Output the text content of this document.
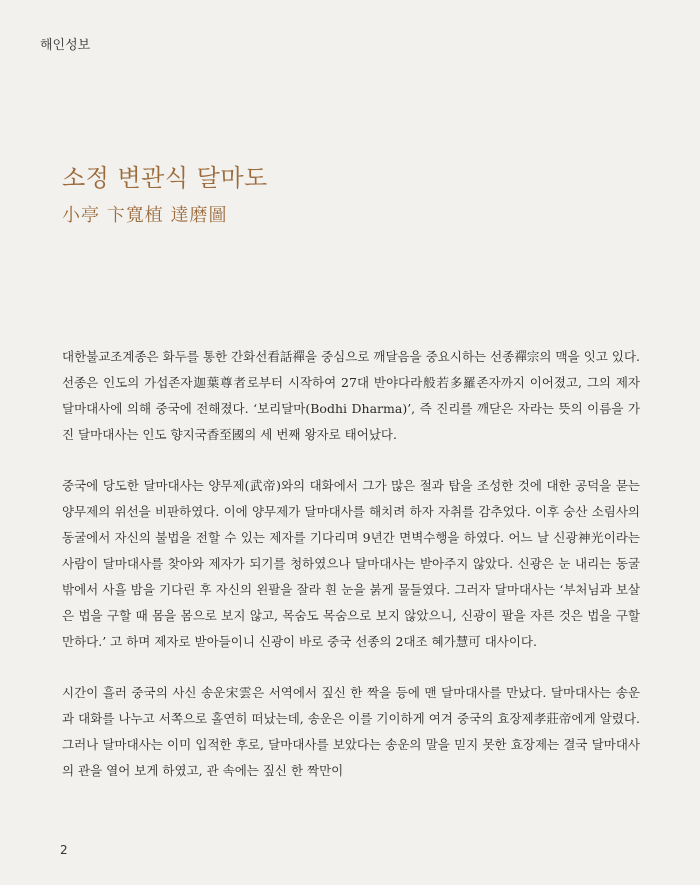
해인성보
소정 변관식 달마도
小亭 卞寬植 達磨圖

대한불교조계종은 화두를 통한 간화선看話禪을 중심으로 깨달음을 중요시하는 선종禪宗의 맥을 잇고 있다. 선종은 인도의 가섭존자迦葉尊者로부터 시작하여 27대 반야다라般若多羅존자까지 이어졌고, 그의 제자 달마대사에 의해 중국에 전해졌다. ‘보리달마(Bodhi Dharma)’, 즉 진리를 깨닫은 자라는 뜻의 이름을 가진 달마대사는 인도 향지국香至國의 세 번째 왕자로 태어났다.

중국에 당도한 달마대사는 양무제(武帝)와의 대화에서 그가 많은 절과 탑을 조성한 것에 대한 공덕을 묻는 양무제의 위선을 비판하였다. 이에 양무제가 달마대사를 해치려 하자 자취를 감추었다. 이후 숭산 소림사의 동굴에서 자신의 불법을 전할 수 있는 제자를 기다리며 9년간 면벽수행을 하였다. 어느 날 신광神光이라는 사람이 달마대사를 찾아와 제자가 되기를 청하였으나 달마대사는 받아주지 않았다. 신광은 눈 내리는 동굴 밖에서 사흘 밤을 기다린 후 자신의 왼팔을 잘라 흰 눈을 붉게 물들였다. 그러자 달마대사는 ‘부처님과 보살은 법을 구할 때 몸을 몸으로 보지 않고, 목숨도 목숨으로 보지 않았으니, 신광이 팔을 자른 것은 법을 구할 만하다.’ 고 하며 제자로 받아들이니 신광이 바로 중국 선종의 2대조 혜가慧可 대사이다.

시간이 흘러 중국의 사신 송운宋雲은 서역에서 짚신 한 짝을 등에 맨 달마대사를 만났다. 달마대사는 송운과 대화를 나누고 서쪽으로 홀연히 떠났는데, 송운은 이를 기이하게 여겨 중국의 효장제孝莊帝에게 알렸다. 그러나 달마대사는 이미 입적한 후로, 달마대사를 보았다는 송운의 말을 믿지 못한 효장제는 결국 달마대사의 관을 열어 보게 하였고, 관 속에는 짚신 한 짝만이

2
